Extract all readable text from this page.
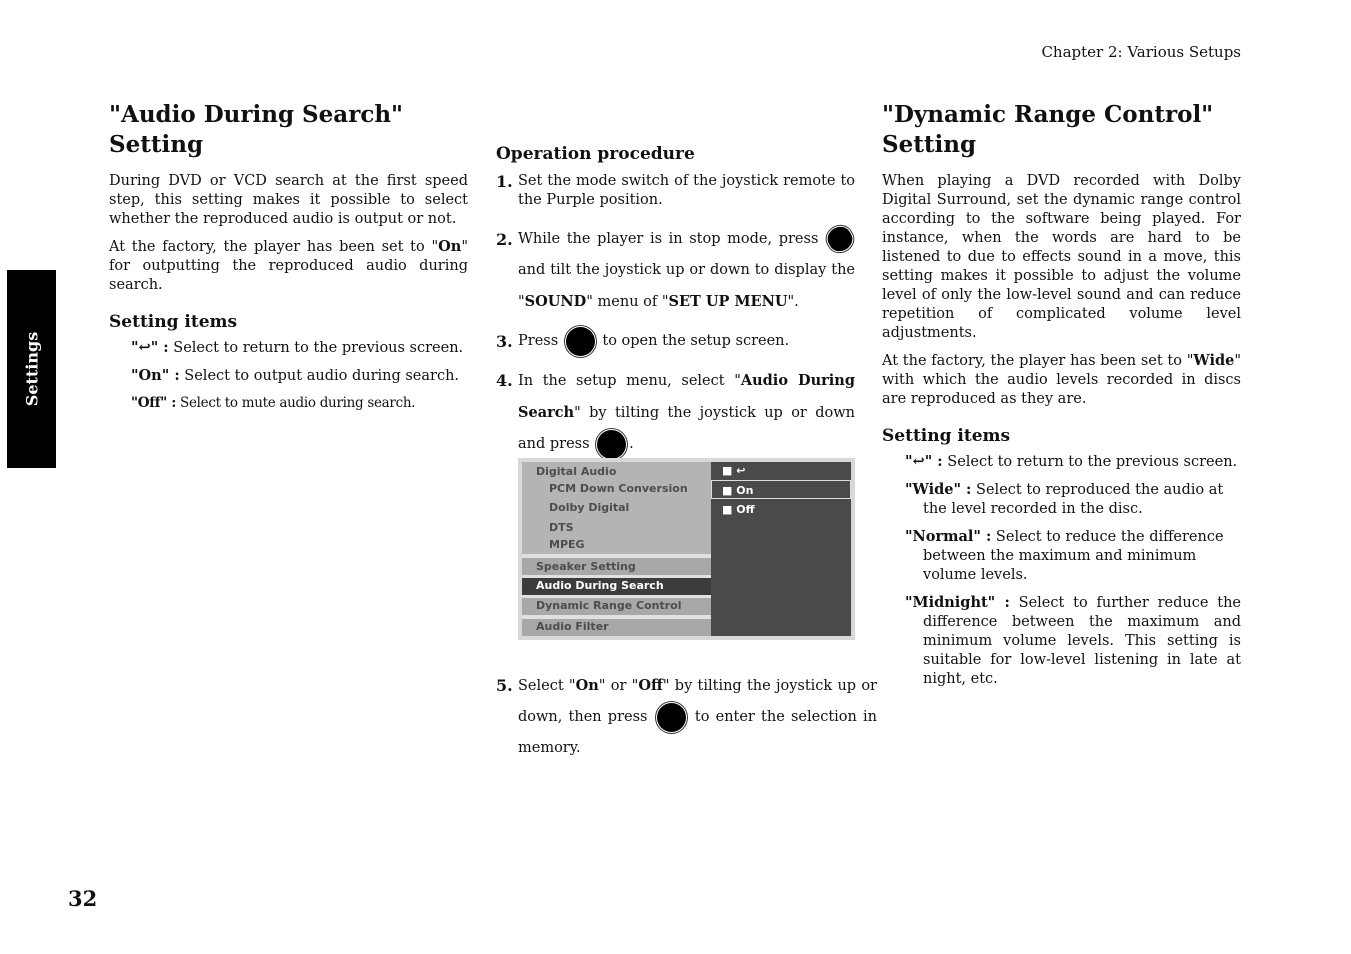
Chapter 2: Various Setups
Settings
32
"Audio During Search" Setting

During DVD or VCD search at the first speed step, this setting makes it possible to select whether the reproduced audio is output or not.

At the factory, the player has been set to "On" for outputting the reproduced audio during search.

Setting items

"↩" : Select to return to the previous screen.

"On" : Select to output audio during search.

"Off" : Select to mute audio during search.

Operation procedure
1. Set the mode switch of the joystick remote to the Purple position.
2. While the player is in stop mode, press  and tilt the joystick up or down to display the "SOUND" menu of "SET UP MENU".
3. Press	to open the setup screen.
4. In the setup menu, select "Audio During Search" by tilting the joystick up or down and press	.
5. Select "On" or "Off" by tilting the joystick up or down, then press	to enter the selection in memory.
Digital Audio
PCM Down Conversion
Dolby Digital
DTS
MPEG
Speaker Setting
Audio During Search
Dynamic Range Control
Audio Filter
■ ↩
■ On
■ Off
"Dynamic Range Control"
Setting

When playing a DVD recorded with Dolby Digital Surround, set the dynamic range control according to the software being played. For instance, when the words are hard to be listened to due to effects sound in a move, this setting makes it possible to adjust the volume level of only the low-level sound and can reduce repetition of complicated volume level adjustments.

At the factory, the player has been set to "Wide" with which the audio levels recorded in discs are reproduced as they are.

Setting items

"↩" : Select to return to the previous screen.

"Wide" : Select to reproduced the audio at the level recorded in the disc.

"Normal" : Select to reduce the difference between the maximum and minimum volume levels.

"Midnight" : Select to further reduce the difference between the maximum and minimum volume levels. This setting is suitable for low-level listening in late at night, etc.
